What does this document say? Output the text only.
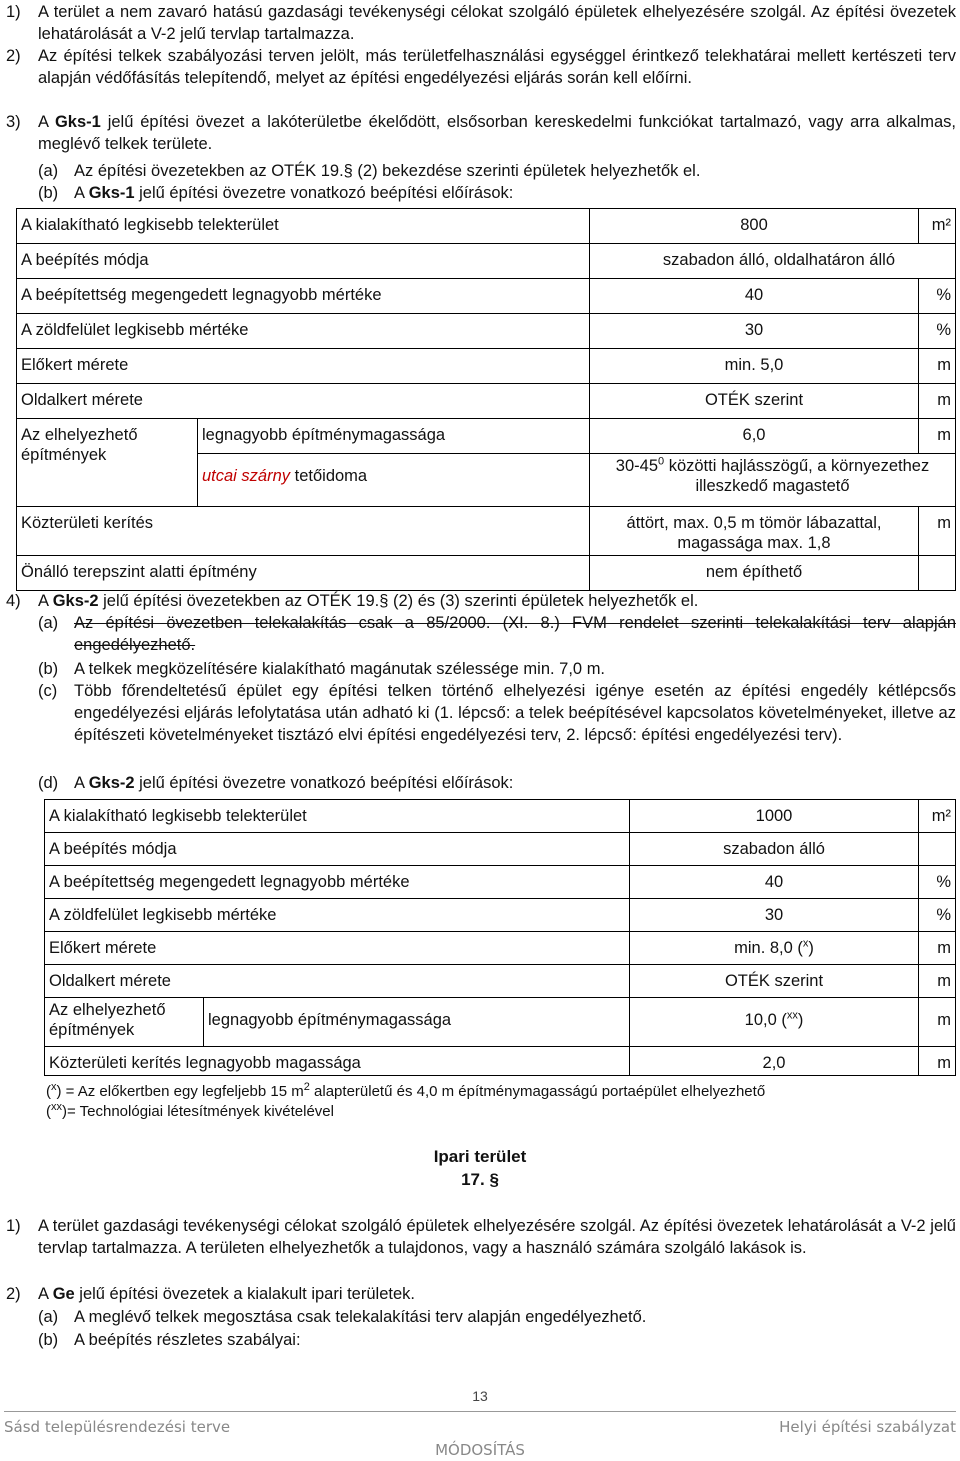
1) A terület a nem zavaró hatású gazdasági tevékenységi célokat szolgáló épületek elhelyezésére szolgál. Az építési övezetek lehatárolását a V-2 jelű tervlap tartalmazza.
2) Az építési telkek szabályozási terven jelölt, más területfelhasználási egységgel érintkező telekhatárai mellett kertészeti terv alapján védőfásítás telepítendő, melyet az építési engedélyezési eljárás során kell előírni.
3) A Gks-1 jelű építési övezet a lakóterületbe ékelődött, elsősorban kereskedelmi funkciókat tartalmazó, vagy arra alkalmas, meglévő telkek területe.
(a) Az építési övezetekben az OTÉK 19.§ (2) bekezdése szerinti épületek helyezhetők el.
(b) A Gks-1 jelű építési övezetre vonatkozó beépítési előírások:
A kialakítható legkisebb telekterület		800	m²
A beépítés módja		szabadon álló, oldalhatáron álló	
A beépítettség megengedett legnagyobb mértéke		40	%
A zöldfelület legkisebb mértéke		30	%
Előkert mérete		min. 5,0	m
Oldalkert mérete		OTÉK szerint	m
Az elhelyezhető építmények	legnagyobb építménymagassága	6,0	m
	utcai szárny tetőidoma	$30-45^0$ közötti hajlásszögű, a környezethez illeszkedő magastető	
Közterületi kerítés		áttört, max. 0,5 m tömör lábazattal, magassága max. 1,8	m
Önálló terepszint alatti építmény		nem építhető	
4) A Gks-2 jelű építési övezetekben az OTÉK 19.§ (2) és (3) szerinti épületek helyezhetők el.
(a) Az építési övezetben telekalakítás csak a 85/2000. (XI. 8.) FVM rendelet szerinti telekalakítási terv alapján engedélyezhető.
(b) A telkek megközelítésére kialakítható magánutak szélessége min. 7,0 m.
(c) Több főrendeltetésű épület egy építési telken történő elhelyezési igénye esetén az építési engedély kétlépcsős engedélyezési eljárás lefolytatása után adható ki (1. lépcső: a telek beépítésével kapcsolatos követelményeket, illetve az építészeti követelményeket tisztázó elvi építési engedélyezési terv, 2. lépcső: építési engedélyezési terv).
(d) A Gks-2 jelű építési övezetre vonatkozó beépítési előírások:
A kialakítható legkisebb telekterület		1000	m²
A beépítés módja		szabadon álló	
A beépítettség megengedett legnagyobb mértéke		40	%
A zöldfelület legkisebb mértéke		30	%
Előkert mérete		min. 8,0 ($^x$)	m
Oldalkert mérete		OTÉK szerint	m
Az elhelyezhető építmények	legnagyobb építménymagassága	10,0 ($^{xx}$)	m
Közterületi kerítés legnagyobb magassága		2,0	m
($^x$) = Az előkertben egy legfeljebb 15 $m^2$ alapterületű és 4,0 m építménymagasságú portaépület elhelyezhető
($^{xx}$)= Technológiai létesítmények kivételével
Ipari terület
17. §
1) A terület gazdasági tevékenységi célokat szolgáló épületek elhelyezésére szolgál. Az építési övezetek lehatárolását a V-2 jelű tervlap tartalmazza. A területen elhelyezhetők a tulajdonos, vagy a használó számára szolgáló lakások is.
2) A Ge jelű építési övezetek a kialakult ipari területek.
(a) A meglévő telkek megosztása csak telekalakítási terv alapján engedélyezhető.
(b) A beépítés részletes szabályai:
13
Sásd településrendezési terve	Helyi építési szabályzat
MÓDOSÍTÁS
